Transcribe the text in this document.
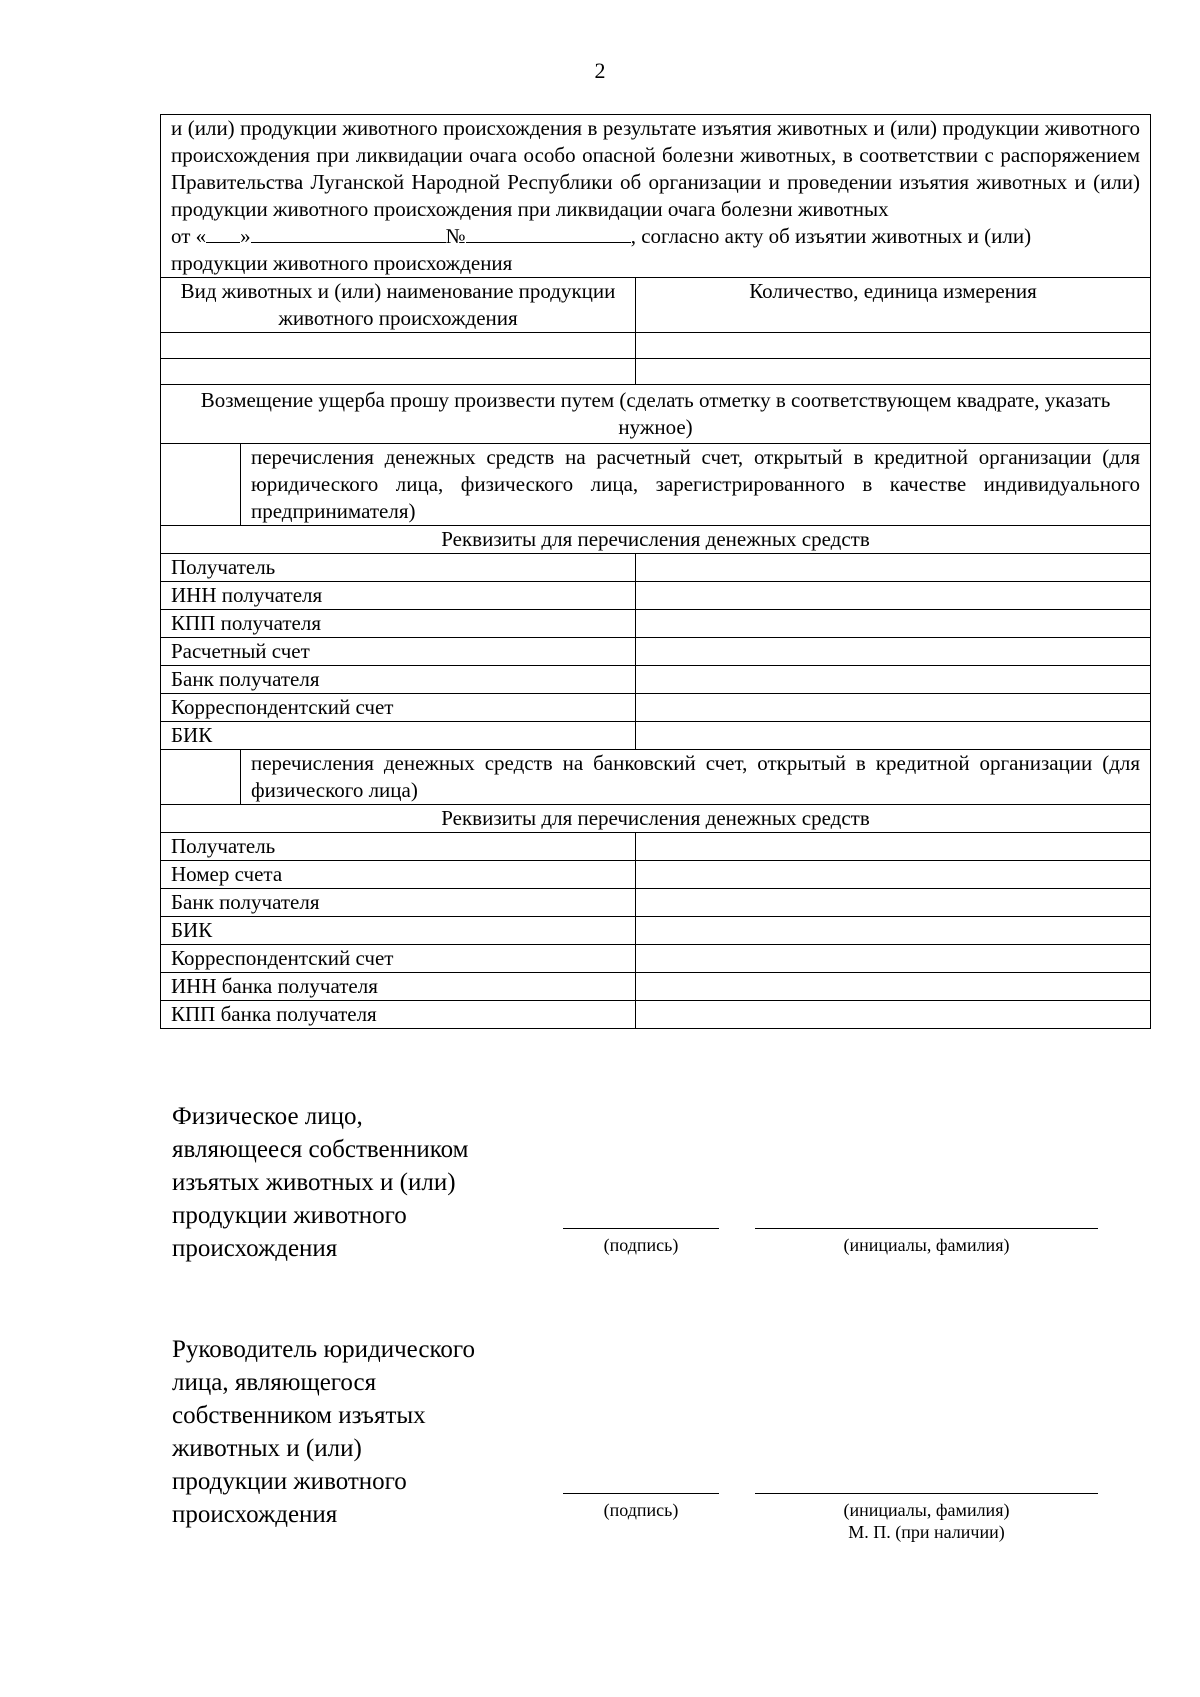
2
и (или) продукции животного происхождения в результате изъятия животных и (или) продукции животного происхождения при ликвидации очага особо опасной болезни животных, в соответствии с распоряжением Правительства Луганской Народной Республики об организации и проведении изъятия животных и (или) продукции животного происхождения при ликвидации очага болезни животных
от « » № , согласно акту об изъятии животных и (или)
продукции животного происхождения		
Вид животных и (или) наименование продукции животного происхождения		Количество, единица измерения

Возмещение ущерба прошу произвести путем (сделать отметку в соответствующем квадрате, указать нужное)		
	перечисления денежных средств на расчетный счет, открытый в кредитной организации (для юридического лица, физического лица, зарегистрированного в качестве индивидуального предпринимателя)	
Реквизиты для перечисления денежных средств		
Получатель		
ИНН получателя		
КПП получателя		
Расчетный счет		
Банк получателя		
Корреспондентский счет		
БИК		
	перечисления денежных средств на банковский счет, открытый в кредитной организации (для физического лица)	
Реквизиты для перечисления денежных средств		
Получатель		
Номер счета		
Банк получателя		
БИК		
Корреспондентский счет		
ИНН банка получателя		
КПП банка получателя		
Физическое лицо,
являющееся собственником
изъятых животных и (или)
продукции животного
происхождения	(подпись)	(инициалы, фамилия)
Руководитель юридического
лица, являющегося
собственником изъятых
животных и (или)
продукции животного
происхождения	(подпись)	(инициалы, фамилия)
М. П. (при наличии)
